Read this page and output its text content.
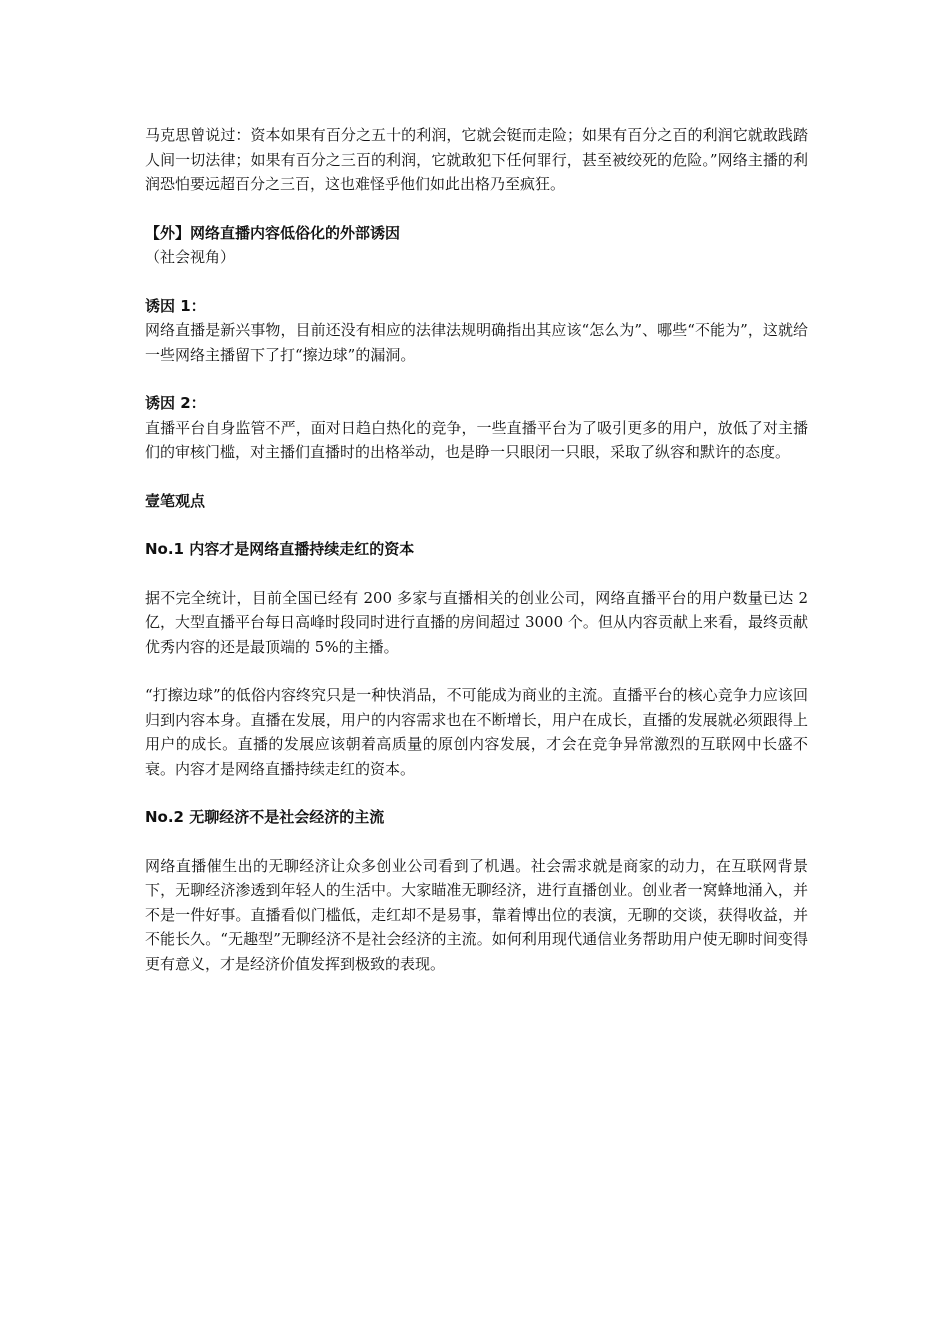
马克思曾说过：资本如果有百分之五十的利润，它就会铤而走险；如果有百分之百的利润它就敢践踏人间一切法律；如果有百分之三百的利润，它就敢犯下任何罪行，甚至被绞死的危险。”网络主播的利润恐怕要远超百分之三百，这也难怪乎他们如此出格乃至疯狂。

【外】网络直播内容低俗化的外部诱因

（社会视角）

诱因 1：

网络直播是新兴事物，目前还没有相应的法律法规明确指出其应该“怎么为”、哪些“不能为”，这就给一些网络主播留下了打“擦边球”的漏洞。

诱因 2：

直播平台自身监管不严，面对日趋白热化的竞争，一些直播平台为了吸引更多的用户，放低了对主播们的审核门槛，对主播们直播时的出格举动，也是睁一只眼闭一只眼，采取了纵容和默许的态度。

壹笔观点
No.1 内容才是网络直播持续走红的资本

据不完全统计，目前全国已经有 200 多家与直播相关的创业公司，网络直播平台的用户数量已达 2 亿，大型直播平台每日高峰时段同时进行直播的房间超过 3000 个。但从内容贡献上来看，最终贡献优秀内容的还是最顶端的 5%的主播。

“打擦边球”的低俗内容终究只是一种快消品，不可能成为商业的主流。直播平台的核心竞争力应该回归到内容本身。直播在发展，用户的内容需求也在不断增长，用户在成长，直播的发展就必须跟得上用户的成长。直播的发展应该朝着高质量的原创内容发展，才会在竞争异常激烈的互联网中长盛不衰。内容才是网络直播持续走红的资本。

No.2 无聊经济不是社会经济的主流

网络直播催生出的无聊经济让众多创业公司看到了机遇。社会需求就是商家的动力，在互联网背景下，无聊经济渗透到年轻人的生活中。大家瞄准无聊经济，进行直播创业。创业者一窝蜂地涌入，并不是一件好事。直播看似门槛低，走红却不是易事，靠着博出位的表演，无聊的交谈，获得收益，并不能长久。“无趣型”无聊经济不是社会经济的主流。如何利用现代通信业务帮助用户使无聊时间变得更有意义，才是经济价值发挥到极致的表现。
